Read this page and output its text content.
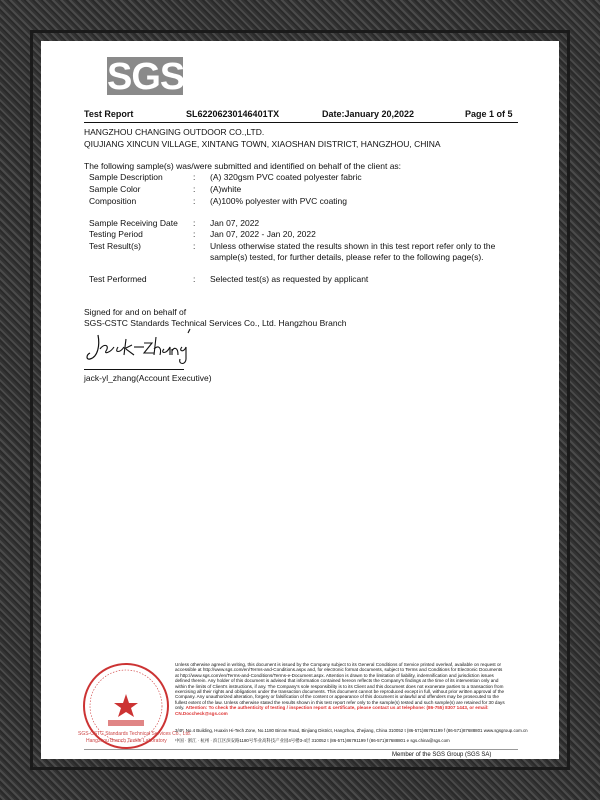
SGS
Test Report	SL62206230146401TX	Date:January 20,2022	Page 1 of 5
HANGZHOU CHANGING OUTDOOR CO.,LTD.
QIUJIANG XINCUN VILLAGE, XINTANG TOWN, XIAOSHAN DISTRICT, HANGZHOU, CHINA
The following sample(s) was/were submitted and identified on behalf of the client as:
Sample Description	: (A) 320gsm PVC coated polyester fabric
Sample Color	: (A)white
Composition	: (A)100% polyester with PVC coating
Sample Receiving Date : Jan 07, 2022
Testing Period	: Jan 07, 2022 - Jan 20, 2022
Test Result(s)	: Unless otherwise stated the results shown in this test report refer only to the
sample(s) tested, for further details, please refer to the following page(s).
Test Performed	: Selected test(s) as requested by applicant
Signed for and on behalf of
SGS-CSTC Standards Technical Services Co., Ltd. Hangzhou Branch
jack-yl_zhang(Account Executive)
SGS-CSTC Standards Technical Services Co., Ltd.
Hangzhou Branch Textile Laboratory
Unless otherwise agreed in writing, this document is issued by the Company subject to its General Conditions of Service printed overleaf, available on request or accessible at http://www.sgs.com/en/Terms-and-Conditions.aspx and, for electronic format documents, subject to Terms and Conditions for Electronic Documents at http://www.sgs.com/en/Terms-and-Conditions/Terms-e-Document.aspx. Attention is drawn to the limitation of liability, indemnification and jurisdiction issues defined therein. Any holder of this document is advised that information contained hereon reflects the Company's findings at the time of its intervention only and within the limits of Client's instructions, if any. The Company's sole responsibility is to its Client and this document does not exonerate parties to a transaction from exercising all their rights and obligations under the transaction documents. This document cannot be reproduced except in full, without prior written approval of the Company. Any unauthorized alteration, forgery or falsification of the content or appearance of this document is unlawful and offenders may be prosecuted to the fullest extent of the law. Unless otherwise stated the results shown in this test report refer only to the sample(s) tested and such sample(s) are retained for 30 days only. Attention: To check the authenticity of testing / inspection report & certificate, please contact us at telephone: (86-755) 8307 1443, or email: CN.Doccheck@sgs.com
3/4F, No.4 Building, Huaxin Hi-Tech Zone, No.1180 Bin'an Road, Binjiang District, Hangzhou, Zhejiang, China 310052 t (86-571)86791199 f (86-571)87688801 www.sgsgroup.com.cn
中国 · 浙江 · 杭州 · 滨江区滨安路1180号华业高科技产业园4号楼3-4层 310052 t (86-571)86791199 f (86-571)87688801 e sgs.china@sgs.com
Member of the SGS Group (SGS SA)
